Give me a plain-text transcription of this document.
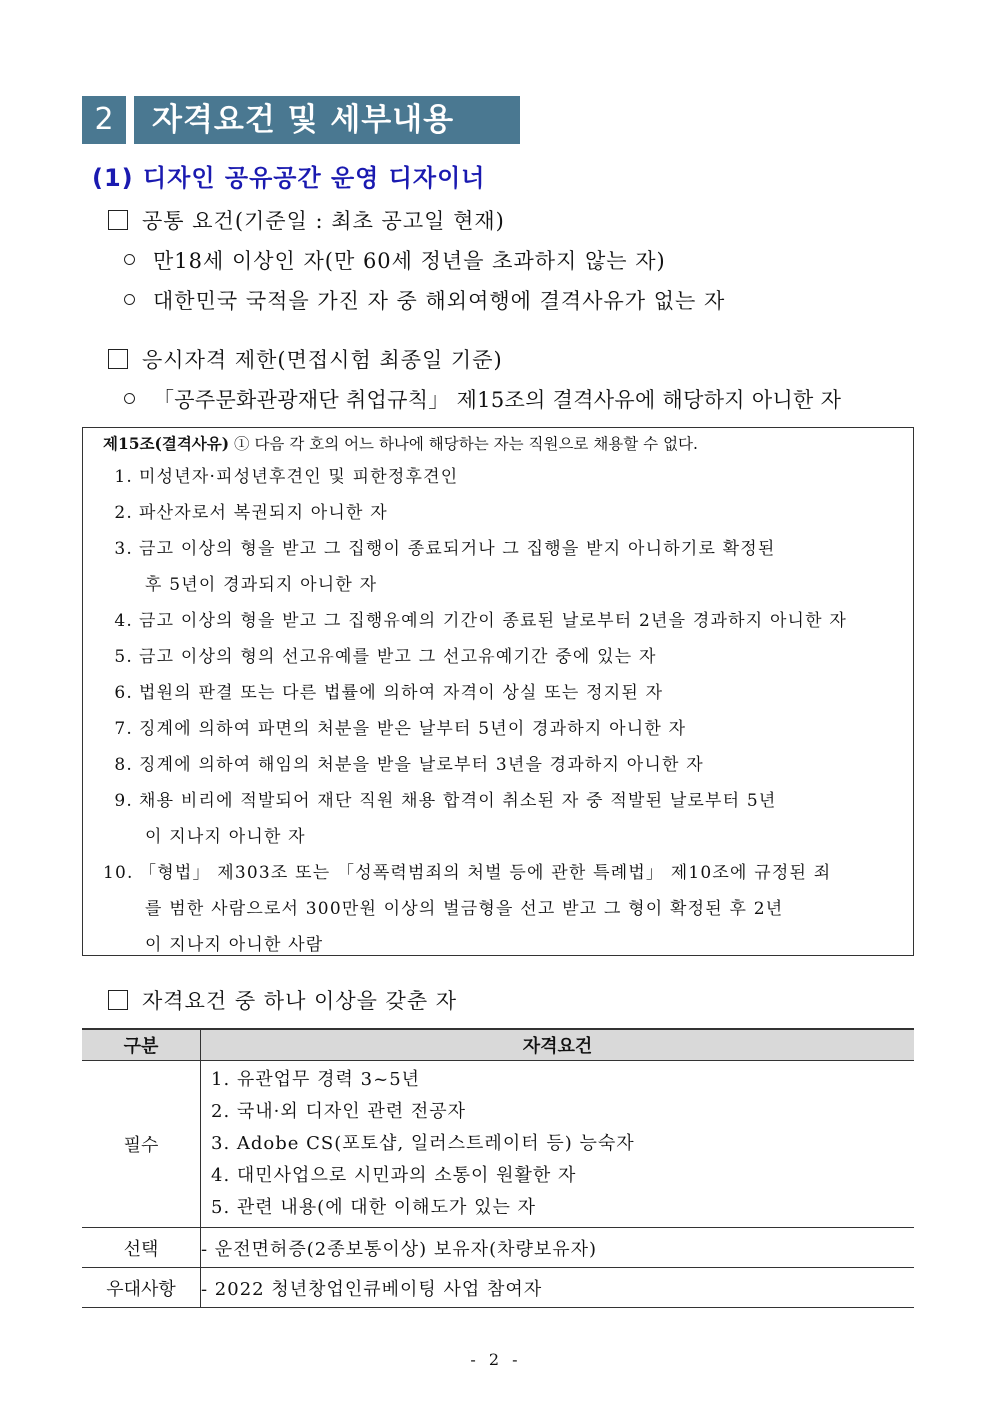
2	자격요건 및 세부내용
(1) 디자인 공유공간 운영 디자이너
공통 요건(기준일 : 최초 공고일 현재)
만18세 이상인 자(만 60세 정년을 초과하지 않는 자)
대한민국 국적을 가진 자 중 해외여행에 결격사유가 없는 자
응시자격 제한(면접시험 최종일 기준)
「공주문화관광재단 취업규칙」 제15조의 결격사유에 해당하지 아니한 자
제15조(결격사유) ① 다음 각 호의 어느 하나에 해당하는 자는 직원으로 채용할 수 없다.
1. 미성년자·피성년후견인 및 피한정후견인
2. 파산자로서 복권되지 아니한 자
3. 금고 이상의 형을 받고 그 집행이 종료되거나 그 집행을 받지 아니하기로 확정된
후 5년이 경과되지 아니한 자
4. 금고 이상의 형을 받고 그 집행유예의 기간이 종료된 날로부터 2년을 경과하지 아니한 자
5. 금고 이상의 형의 선고유예를 받고 그 선고유예기간 중에 있는 자
6. 법원의 판결 또는 다른 법률에 의하여 자격이 상실 또는 정지된 자
7. 징계에 의하여 파면의 처분을 받은 날부터 5년이 경과하지 아니한 자
8. 징계에 의하여 해임의 처분을 받을 날로부터 3년을 경과하지 아니한 자
9. 채용 비리에 적발되어 재단 직원 채용 합격이 취소된 자 중 적발된 날로부터 5년
이 지나지 아니한 자
10. 「형법」 제303조 또는 「성폭력범죄의 처벌 등에 관한 특례법」 제10조에 규정된 죄
를 범한 사람으로서 300만원 이상의 벌금형을 선고 받고 그 형이 확정된 후 2년
이 지나지 아니한 사람
자격요건 중 하나 이상을 갖춘 자
구분	자격요건
필수	1. 유관업무 경력 3~5년
2. 국내·외 디자인 관련 전공자
3. Adobe CS(포토샵, 일러스트레이터 등) 능숙자
4. 대민사업으로 시민과의 소통이 원활한 자
5. 관련 내용(에 대한 이해도가 있는 자

선택	- 운전면허증(2종보통이상) 보유자(차량보유자)
우대사항	- 2022 청년창업인큐베이팅 사업 참여자
- 2 -
